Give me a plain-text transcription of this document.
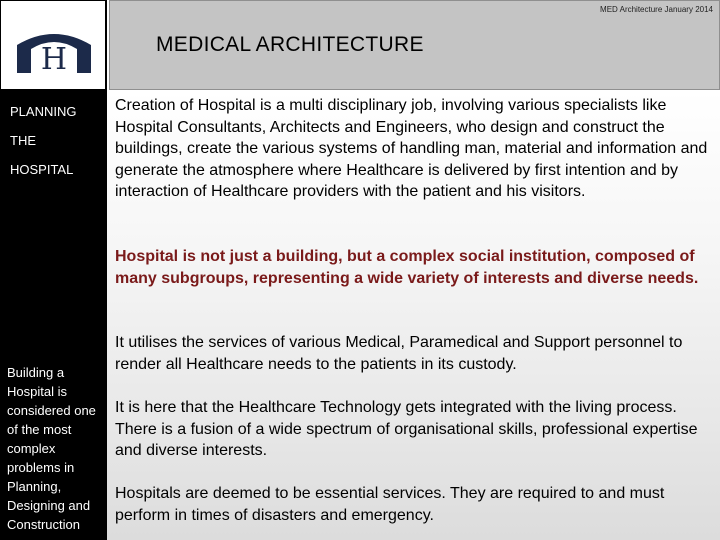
H
PLANNING
THE
HOSPITAL
Building a Hospital is considered one of the most complex problems in Planning, Designing and Construction
MED Architecture January 2014
MEDICAL ARCHITECTURE
Creation of Hospital is a multi disciplinary job, involving various specialists like Hospital Consultants, Architects and Engineers, who design and construct the buildings, create the various systems of handling man, material and information and generate the atmosphere where Healthcare is delivered by first intention and by interaction of Healthcare providers with the patient and his visitors.
Hospital is not just a building, but a complex social institution, composed of many subgroups, representing a wide variety of interests and diverse needs.
It utilises the services of various Medical, Paramedical and Support personnel to render all Healthcare needs to the patients in its custody.
It is here that the Healthcare Technology gets integrated with the living process. There is a fusion of a wide spectrum of organisational skills, professional expertise and diverse interests.
Hospitals are deemed to be essential services. They are required to and must perform in times of disasters and emergency.
